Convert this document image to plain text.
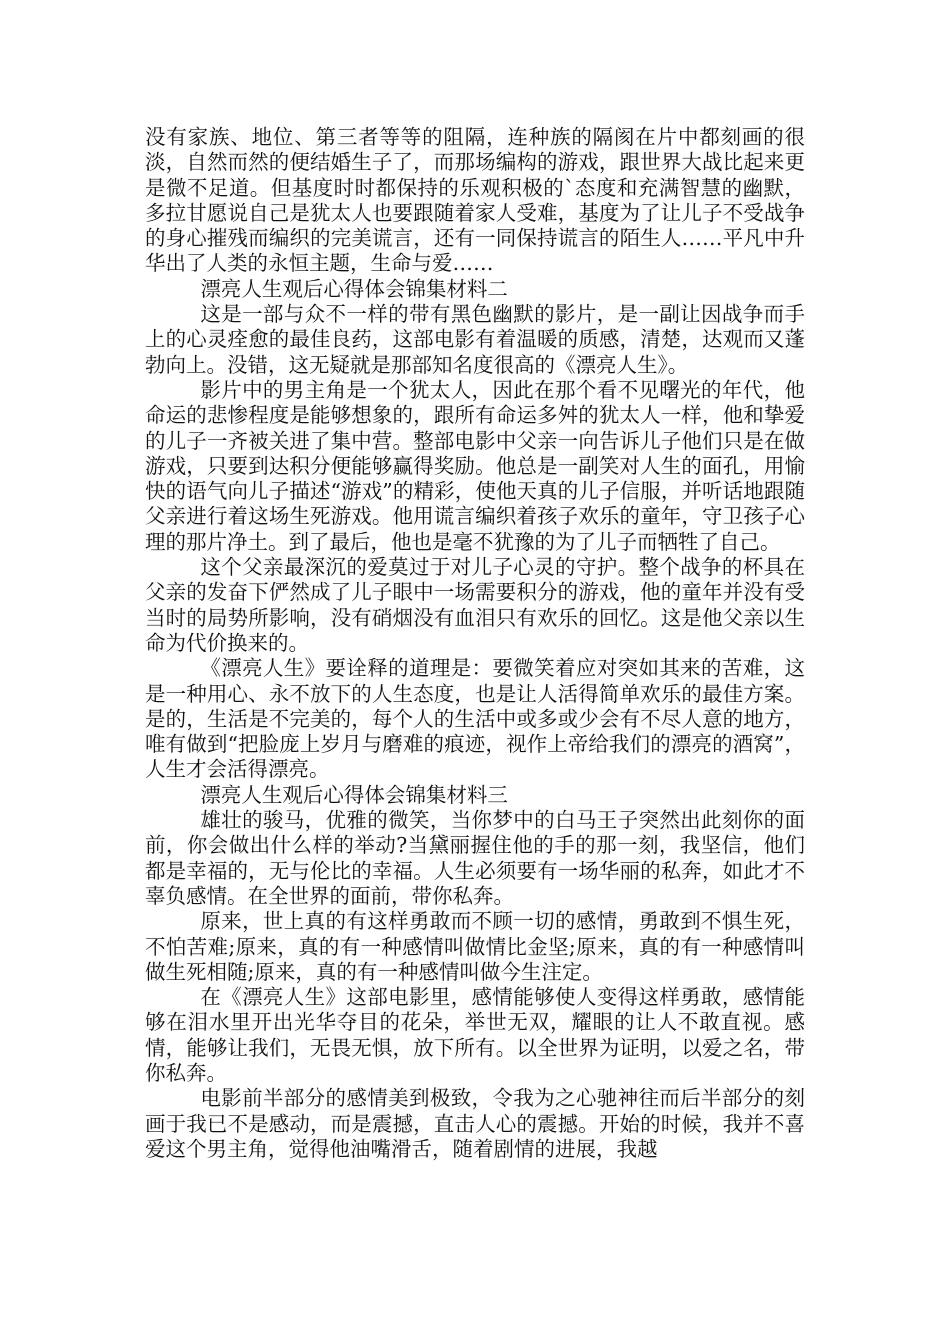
没有家族、地位、第三者等等的阻隔，连种族的隔阂在片中都刻画的很淡，自然而然的便结婚生子了，而那场编构的游戏，跟世界大战比起来更是微不足道。但基度时时都保持的乐观积极的`态度和充满智慧的幽默，多拉甘愿说自己是犹太人也要跟随着家人受难，基度为了让儿子不受战争的身心摧残而编织的完美谎言，还有一同保持谎言的陌生人……平凡中升华出了人类的永恒主题，生命与爱……

漂亮人生观后心得体会锦集材料二

这是一部与众不一样的带有黑色幽默的影片，是一副让因战争而手上的心灵痊愈的最佳良药，这部电影有着温暖的质感，清楚，达观而又蓬勃向上。没错，这无疑就是那部知名度很高的《漂亮人生》。

影片中的男主角是一个犹太人，因此在那个看不见曙光的年代，他命运的悲惨程度是能够想象的，跟所有命运多舛的犹太人一样，他和挚爱的儿子一齐被关进了集中营。整部电影中父亲一向告诉儿子他们只是在做游戏，只要到达积分便能够赢得奖励。他总是一副笑对人生的面孔，用愉快的语气向儿子描述“游戏”的精彩，使他天真的儿子信服，并听话地跟随父亲进行着这场生死游戏。他用谎言编织着孩子欢乐的童年，守卫孩子心理的那片净土。到了最后，他也是毫不犹豫的为了儿子而牺牲了自己。

这个父亲最深沉的爱莫过于对儿子心灵的守护。整个战争的杯具在父亲的发奋下俨然成了儿子眼中一场需要积分的游戏，他的童年并没有受当时的局势所影响，没有硝烟没有血泪只有欢乐的回忆。这是他父亲以生命为代价换来的。

《漂亮人生》要诠释的道理是：要微笑着应对突如其来的苦难，这是一种用心、永不放下的人生态度，也是让人活得简单欢乐的最佳方案。是的，生活是不完美的，每个人的生活中或多或少会有不尽人意的地方，唯有做到“把脸庞上岁月与磨难的痕迹，视作上帝给我们的漂亮的酒窝”，人生才会活得漂亮。

漂亮人生观后心得体会锦集材料三

雄壮的骏马，优雅的微笑，当你梦中的白马王子突然出此刻你的面前，你会做出什么样的举动?当黛丽握住他的手的那一刻，我坚信，他们都是幸福的，无与伦比的幸福。人生必须要有一场华丽的私奔，如此才不辜负感情。在全世界的面前，带你私奔。

原来，世上真的有这样勇敢而不顾一切的感情，勇敢到不惧生死，不怕苦难;原来，真的有一种感情叫做情比金坚;原来，真的有一种感情叫做生死相随;原来，真的有一种感情叫做今生注定。

在《漂亮人生》这部电影里，感情能够使人变得这样勇敢，感情能够在泪水里开出光华夺目的花朵，举世无双，耀眼的让人不敢直视。感情，能够让我们，无畏无惧，放下所有。以全世界为证明，以爱之名，带你私奔。

电影前半部分的感情美到极致，令我为之心驰神往而后半部分的刻画于我已不是感动，而是震撼，直击人心的震撼。开始的时候，我并不喜爱这个男主角，觉得他油嘴滑舌，随着剧情的进展，我越
